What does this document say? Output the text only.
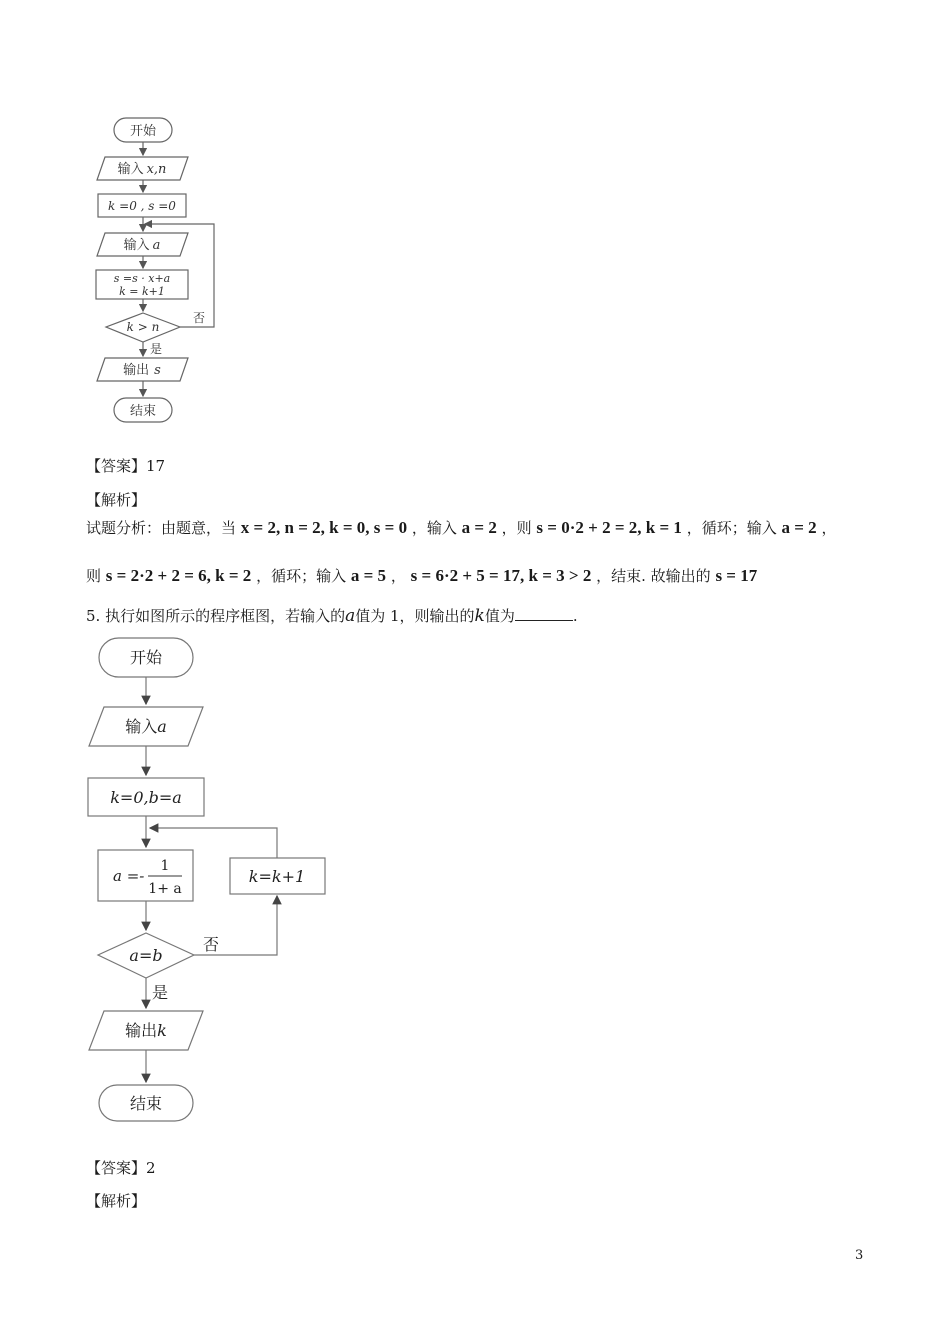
开始
输入 x,n
k =0 , s =0
输入 a
s =s · x+a
k = k+1
k > n
否
是
输出 s
结束
【答案】17
【解析】
试题分析：由题意，当 x = 2, n = 2, k = 0, s = 0 ，输入 a = 2 ，则 s = 0·2 + 2 = 2, k = 1 ，循环；输入 a = 2 ，
则 s = 2·2 + 2 = 6, k = 2 ，循环；输入 a = 5 ， s = 6·2 + 5 = 17, k = 3 > 2 ，结束. 故输出的 s = 17
5. 执行如图所示的程序框图，若输入的a值为 1，则输出的k值为	.
开始
输入a
k=0,b=a
a =-
1
1+ a
k=k+1
a=b
否
是
输出k
结束
【答案】2
【解析】
3
